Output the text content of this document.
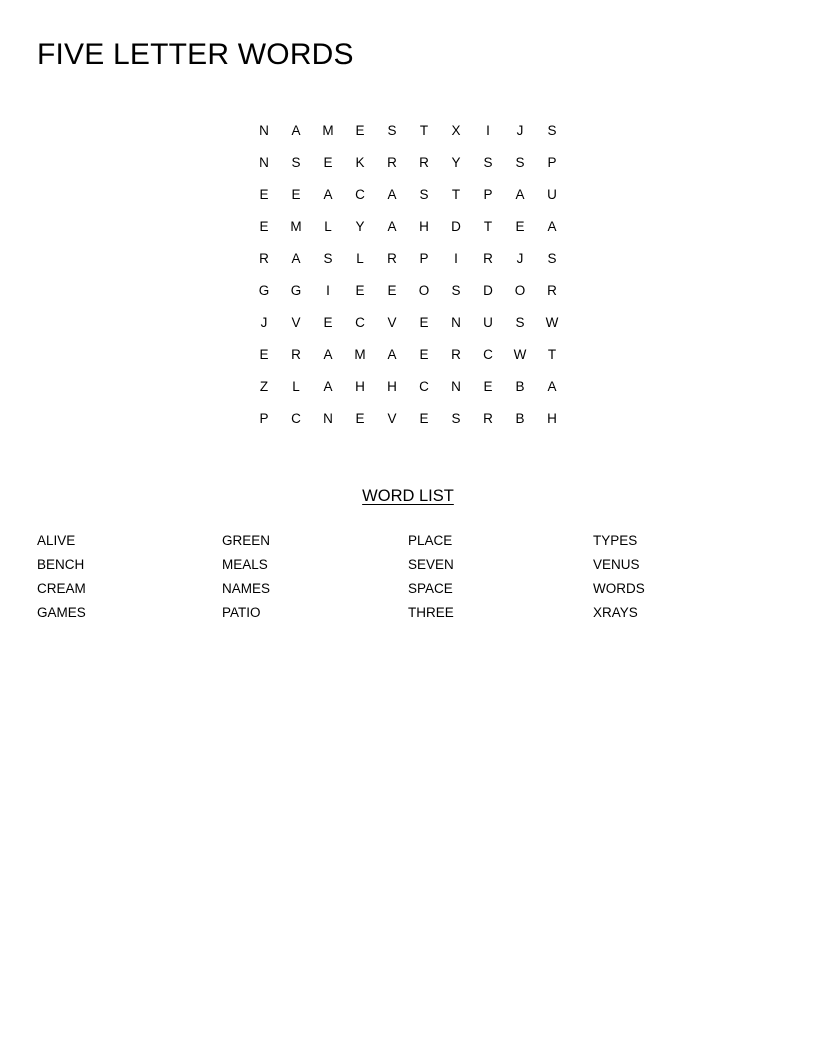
FIVE LETTER WORDS
N	A	M	E	S	T	X	I	J	S
N	S	E	K	R	R	Y	S	S	P
E	E	A	C	A	S	T	P	A	U
E	M	L	Y	A	H	D	T	E	A
R	A	S	L	R	P	I	R	J	S
G	G	I	E	E	O	S	D	O	R
J	V	E	C	V	E	N	U	S	W
E	R	A	M	A	E	R	C	W	T
Z	L	A	H	H	C	N	E	B	A
P	C	N	E	V	E	S	R	B	H
WORD LIST
ALIVE
BENCH
CREAM
GAMES
GREEN
MEALS
NAMES
PATIO
PLACE
SEVEN
SPACE
THREE
TYPES
VENUS
WORDS
XRAYS
